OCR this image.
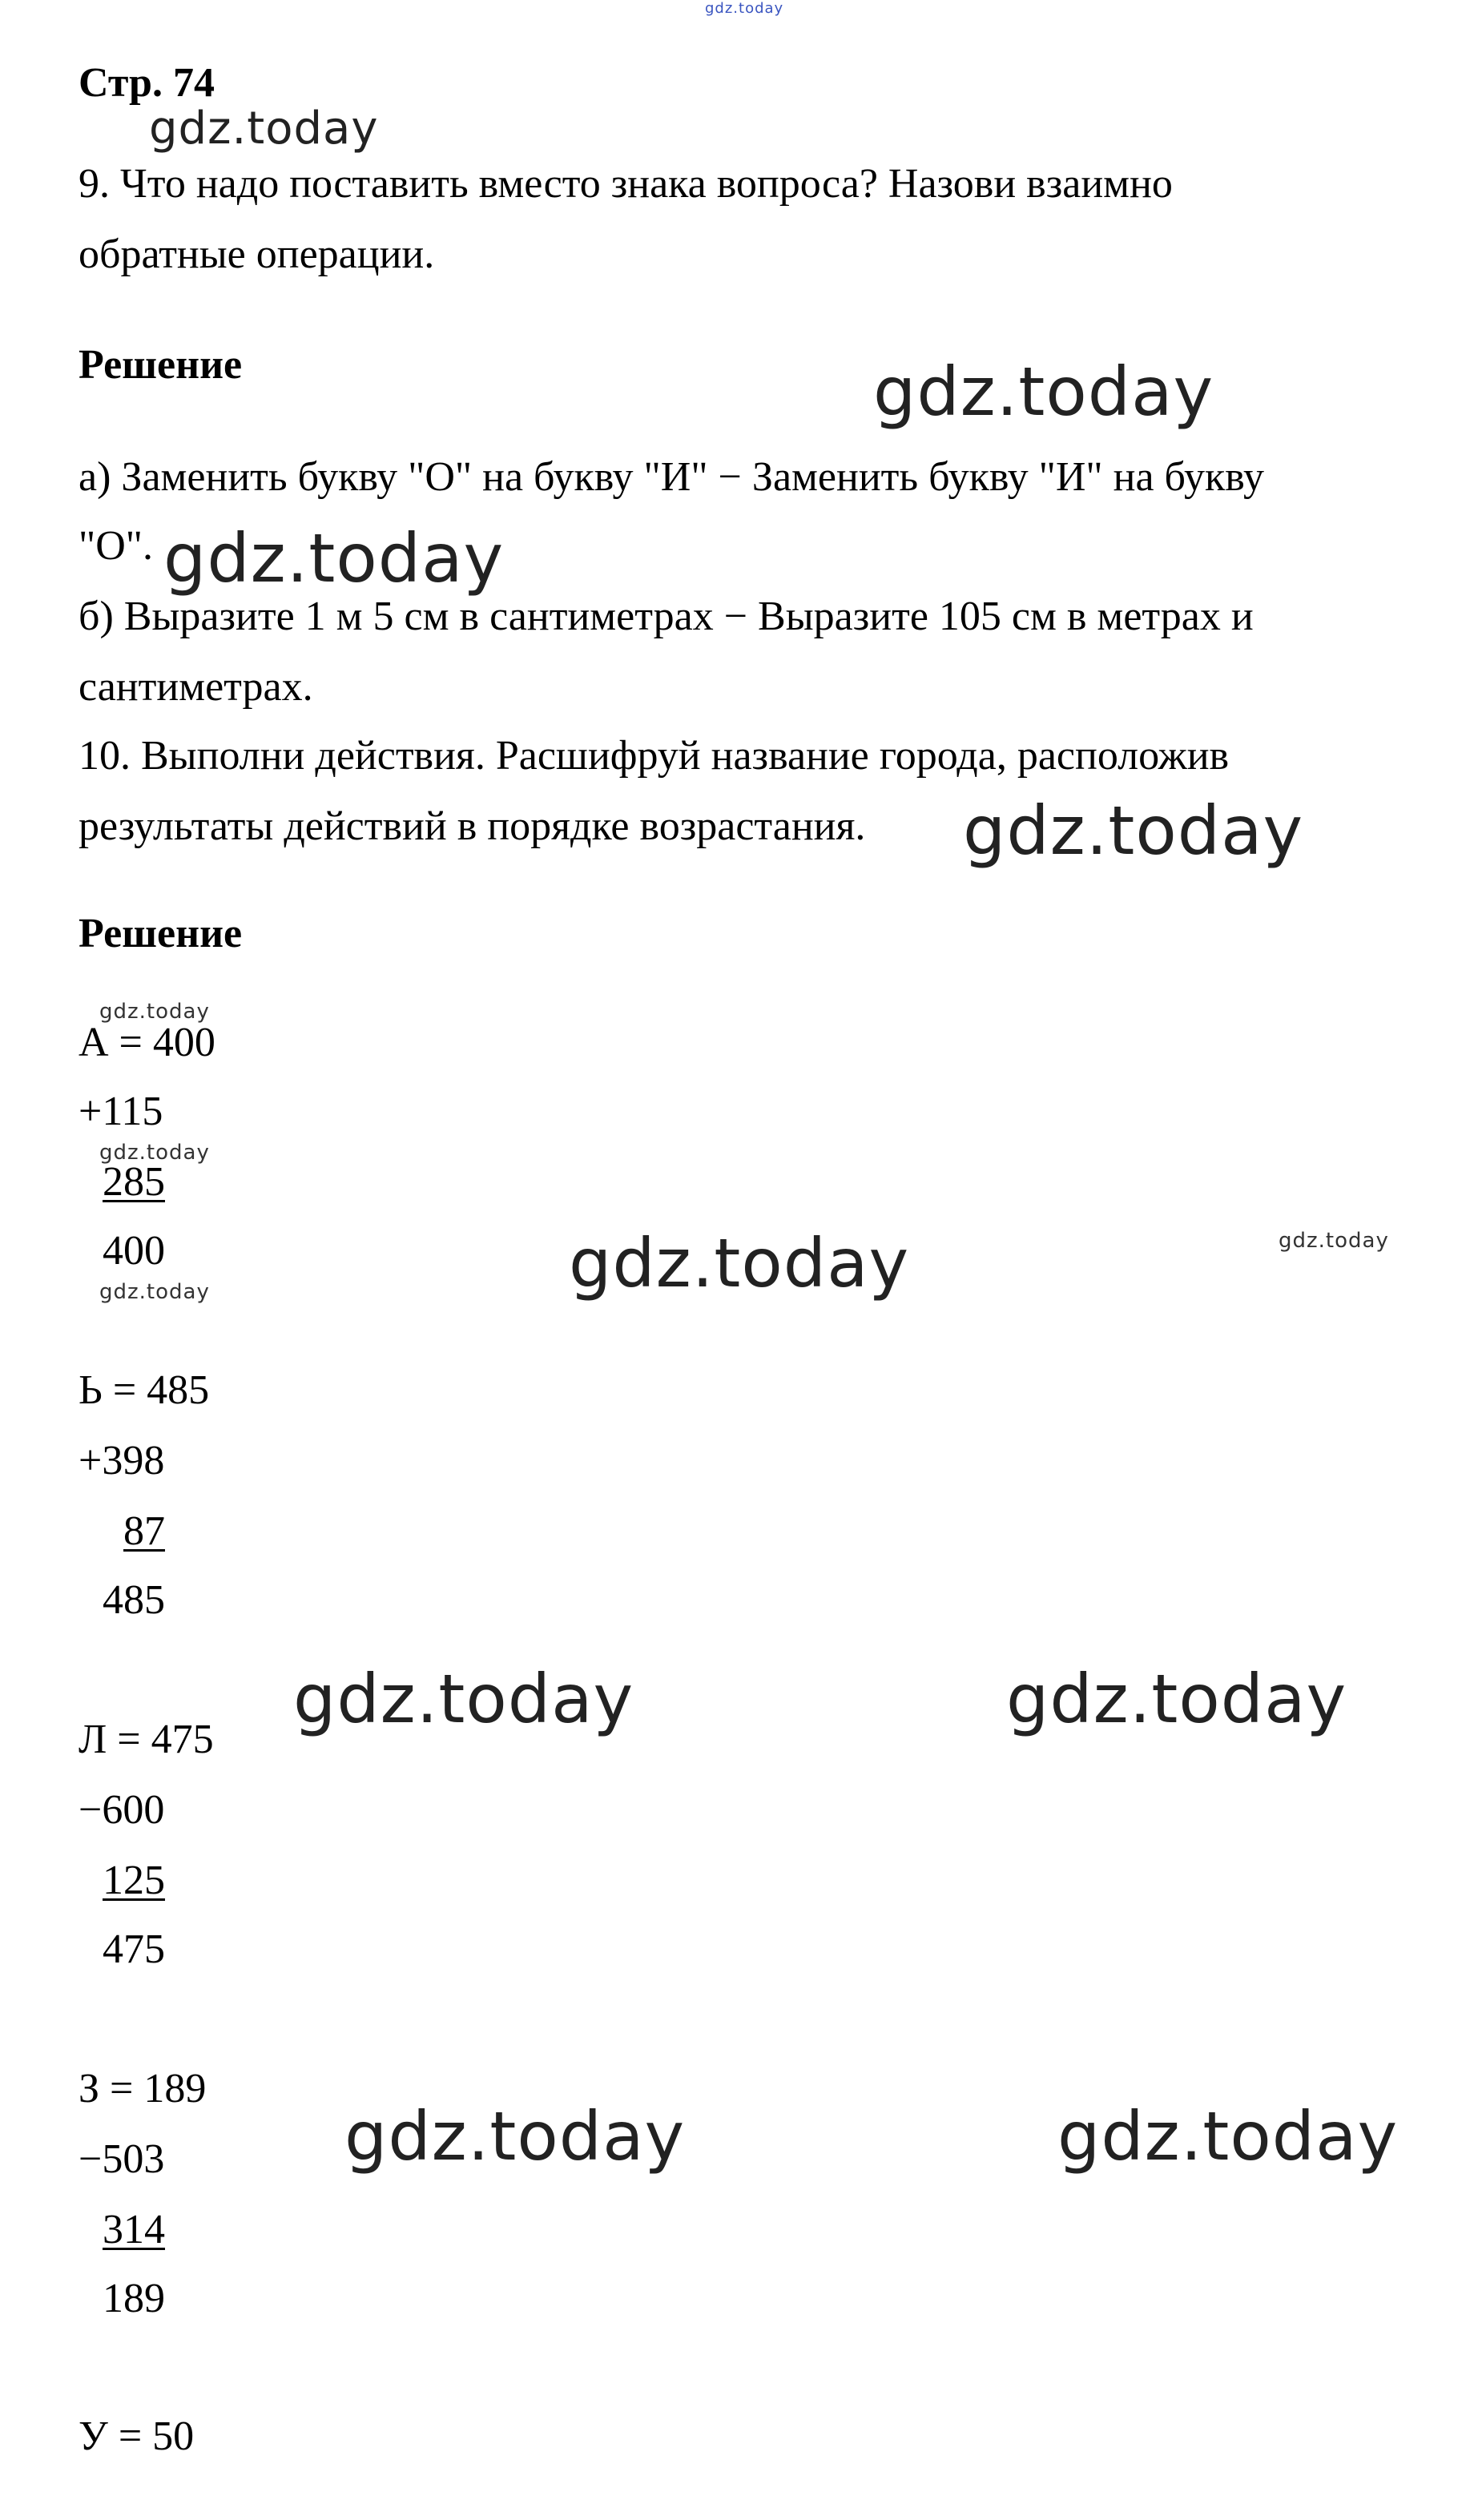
gdz.today
Стр. 74
gdz.today
9. Что надо поставить вместо знака вопроса? Назови взаимно
обратные операции.
Решение	gdz.today
а) Заменить букву "О" на букву "И" − Заменить букву "И" на букву
"О". gdz.today
б) Выразите 1 м 5 см в сантиметрах − Выразите 105 см в метрах и
сантиметрах.
10. Выполни действия. Расшифруй название города, расположив
результаты действий в порядке возрастания. gdz.today
Решение
gdz.today
А = 400
+115
gdz.today
285
400
gdz.today	gdz.today	gdz.today
Ь = 485
+398
87
485
gdz.today	gdz.today
Л = 475
−600
125
475
З = 189
gdz.today	gdz.today
−503
314
189
У = 50
